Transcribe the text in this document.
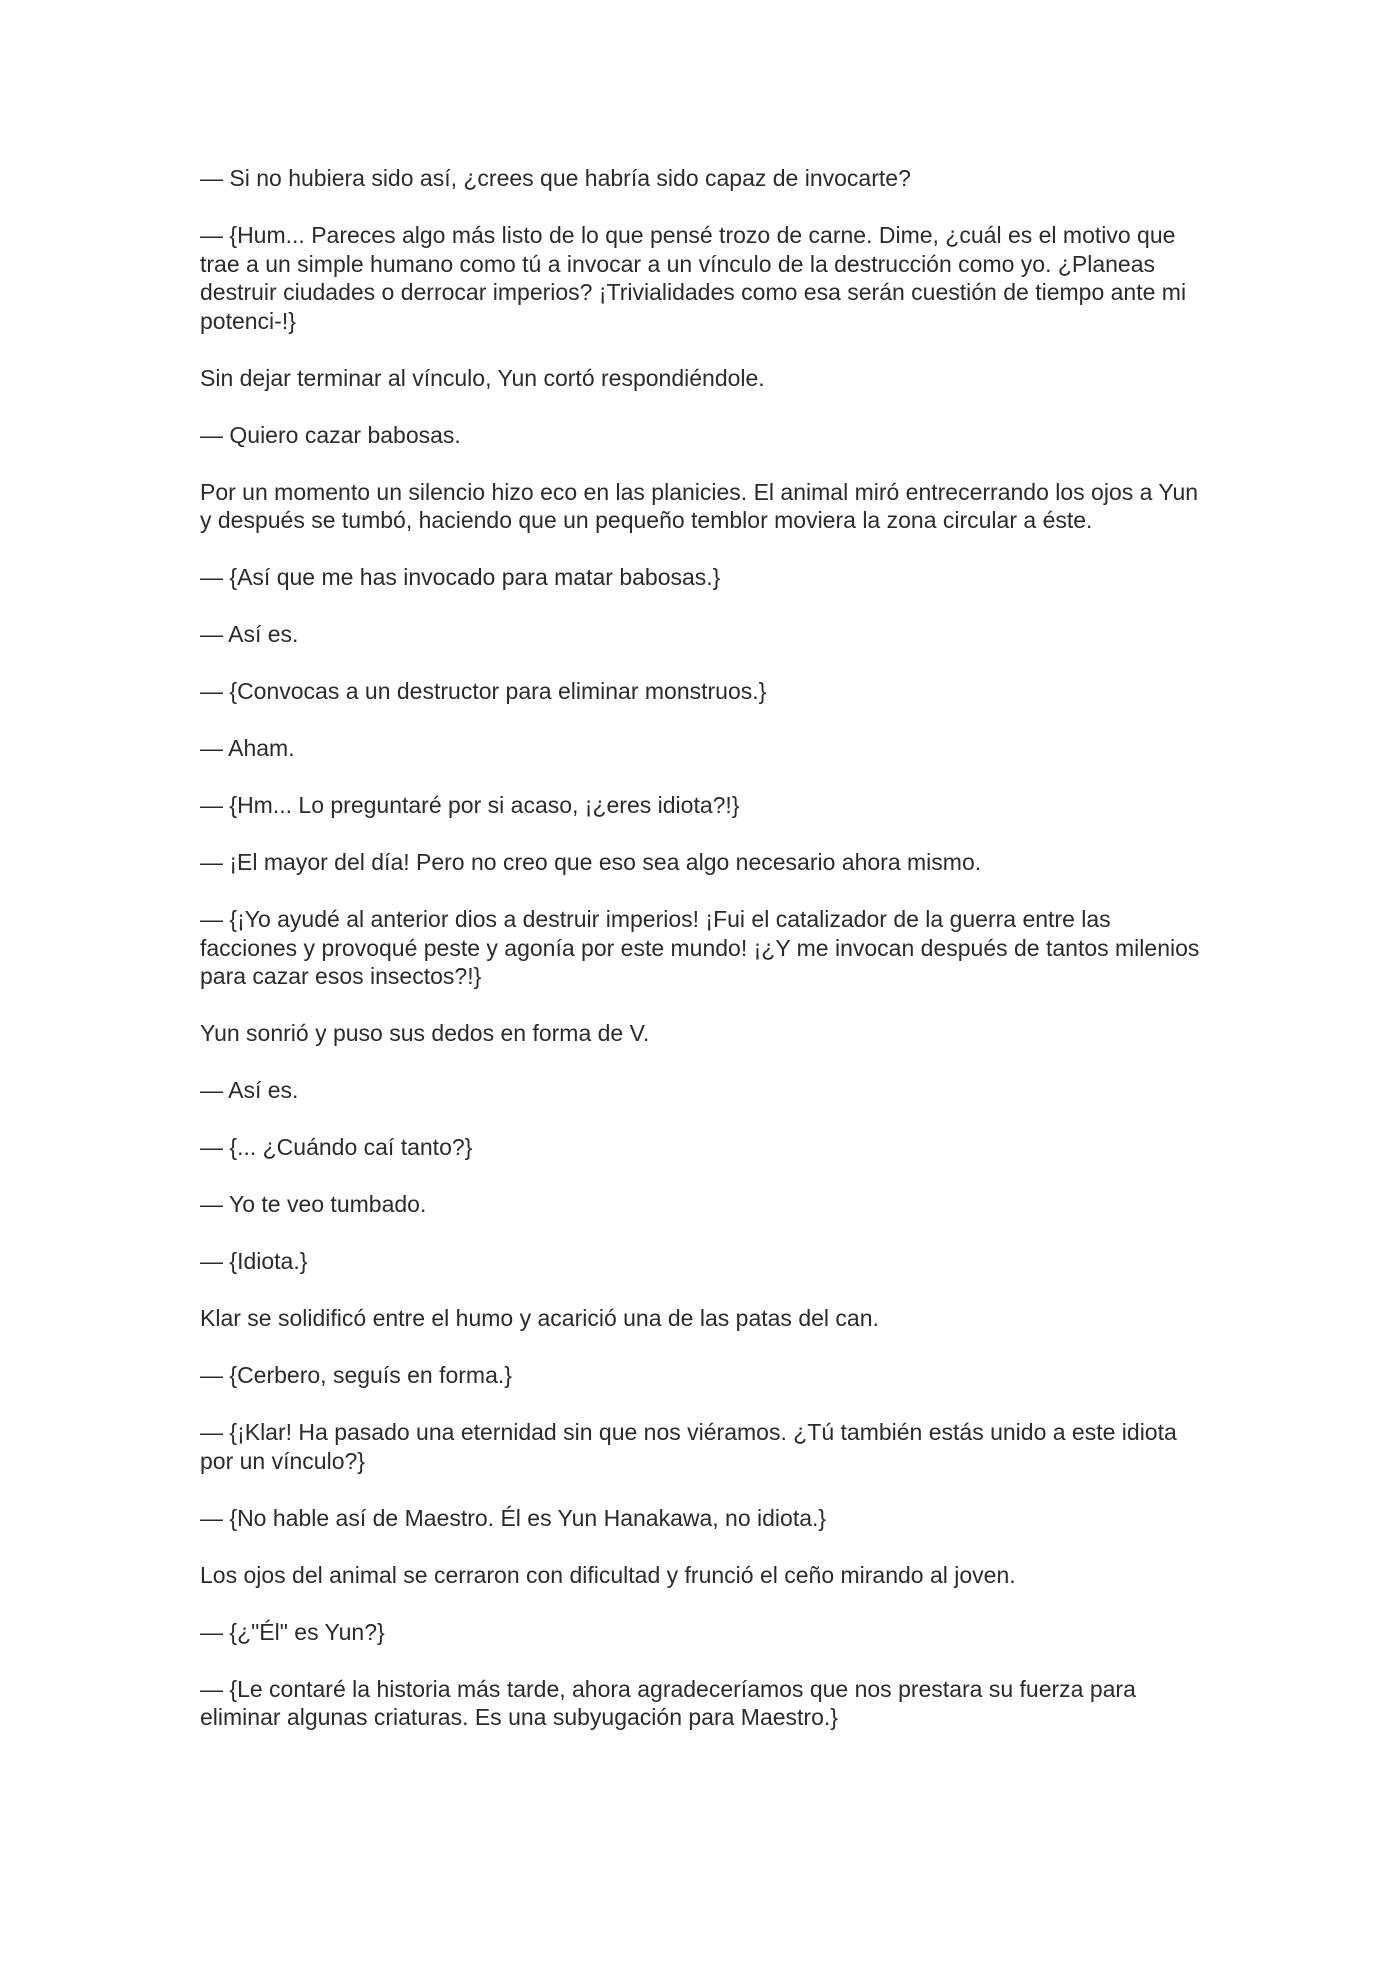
— Si no hubiera sido así, ¿crees que habría sido capaz de invocarte?

— {Hum... Pareces algo más listo de lo que pensé trozo de carne. Dime, ¿cuál es el motivo que trae a un simple humano como tú a invocar a un vínculo de la destrucción como yo. ¿Planeas destruir ciudades o derrocar imperios? ¡Trivialidades como esa serán cuestión de tiempo ante mi potenci-!}

Sin dejar terminar al vínculo, Yun cortó respondiéndole.

— Quiero cazar babosas.

Por un momento un silencio hizo eco en las planicies. El animal miró entrecerrando los ojos a Yun y después se tumbó, haciendo que un pequeño temblor moviera la zona circular a éste.

— {Así que me has invocado para matar babosas.}

— Así es.

— {Convocas a un destructor para eliminar monstruos.}

— Aham.

— {Hm... Lo preguntaré por si acaso, ¡¿eres idiota?!}

— ¡El mayor del día! Pero no creo que eso sea algo necesario ahora mismo.

— {¡Yo ayudé al anterior dios a destruir imperios! ¡Fui el catalizador de la guerra entre las facciones y provoqué peste y agonía por este mundo! ¡¿Y me invocan después de tantos milenios para cazar esos insectos?!}

Yun sonrió y puso sus dedos en forma de V.

— Así es.

— {... ¿Cuándo caí tanto?}

— Yo te veo tumbado.

— {Idiota.}

Klar se solidificó entre el humo y acarició una de las patas del can.

— {Cerbero, seguís en forma.}

— {¡Klar! Ha pasado una eternidad sin que nos viéramos. ¿Tú también estás unido a este idiota por un vínculo?}

— {No hable así de Maestro. Él es Yun Hanakawa, no idiota.}

Los ojos del animal se cerraron con dificultad y frunció el ceño mirando al joven.

— {¿"Él" es Yun?}

— {Le contaré la historia más tarde, ahora agradeceríamos que nos prestara su fuerza para eliminar algunas criaturas. Es una subyugación para Maestro.}
